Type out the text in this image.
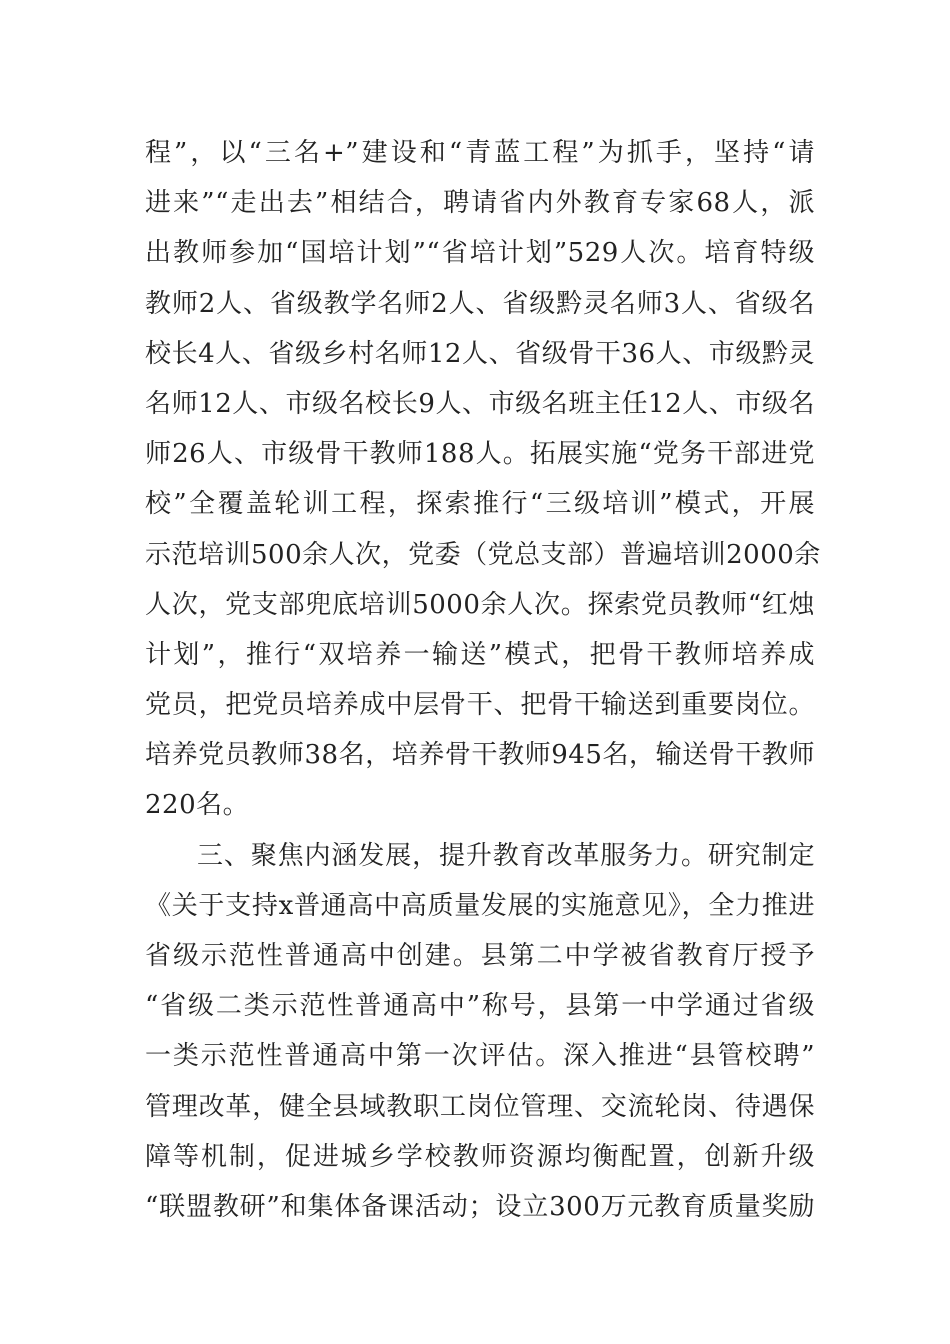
程”，以“三名+”建设和“青蓝工程”为抓手，坚持“请
进来”“走出去”相结合，聘请省内外教育专家68人，派
出教师参加“国培计划”“省培计划”529人次。培育特级
教师2人、省级教学名师2人、省级黔灵名师3人、省级名
校长4人、省级乡村名师12人、省级骨干36人、市级黔灵
名师12人、市级名校长9人、市级名班主任12人、市级名
师26人、市级骨干教师188人。拓展实施“党务干部进党
校”全覆盖轮训工程，探索推行“三级培训”模式，开展
示范培训500余人次，党委（党总支部）普遍培训2000余
人次，党支部兜底培训5000余人次。探索党员教师“红烛
计划”，推行“双培养一输送”模式，把骨干教师培养成
党员，把党员培养成中层骨干、把骨干输送到重要岗位。
培养党员教师38名，培养骨干教师945名，输送骨干教师
220名。
三、聚焦内涵发展，提升教育改革服务力。研究制定
《关于支持x普通高中高质量发展的实施意见》，全力推进
省级示范性普通高中创建。县第二中学被省教育厅授予
“省级二类示范性普通高中”称号，县第一中学通过省级
一类示范性普通高中第一次评估。深入推进“县管校聘”
管理改革，健全县域教职工岗位管理、交流轮岗、待遇保
障等机制，促进城乡学校教师资源均衡配置，创新升级
“联盟教研”和集体备课活动；设立300万元教育质量奖励
